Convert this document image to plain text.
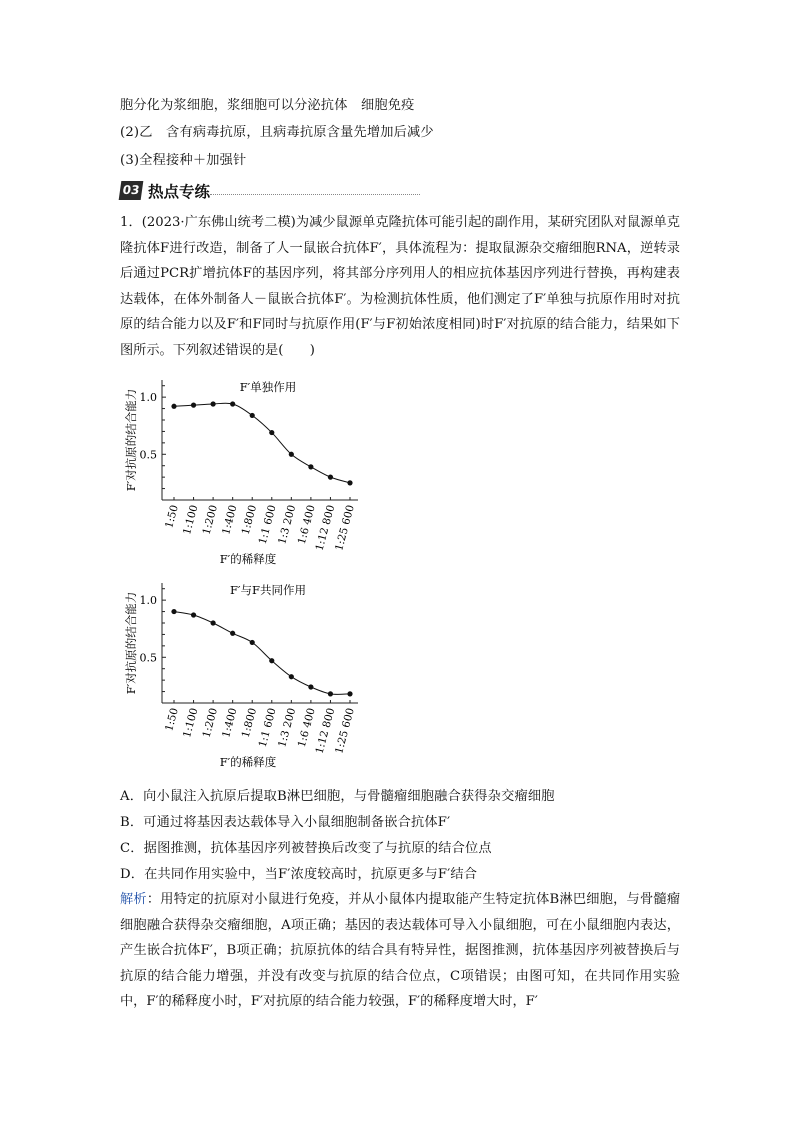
胞分化为浆细胞，浆细胞可以分泌抗体　细胞免疫
(2)乙　含有病毒抗原，且病毒抗原含量先增加后减少
(3)全程接种＋加强针
03 热点专练
1．(2023·广东佛山统考二模)为减少鼠源单克隆抗体可能引起的副作用，某研究团队对鼠源单克隆抗体F进行改造，制备了人一鼠嵌合抗体F′，具体流程为：提取鼠源杂交瘤细胞RNA，逆转录后通过PCR扩增抗体F的基因序列，将其部分序列用人的相应抗体基因序列进行替换，再构建表达载体，在体外制备人－鼠嵌合抗体F′。为检测抗体性质，他们测定了F′单独与抗原作用时对抗原的结合能力以及F′和F同时与抗原作用(F′与F初始浓度相同)时F′对抗原的结合能力，结果如下图所示。下列叙述错误的是(　　)
0.5
1.0
1:50 1:100 1:200 1:400 1:800
1:1 600
1:3 200
1:6 400
1:12 800
1:25 600
F′单独作用
F′对抗原的结合能力
F′的稀释度
0.5
1.0
1:50 1:100 1:200 1:400 1:800
1:1 600
1:3 200
1:6 400
1:12 800
1:25 600
F′与F共同作用
F′对抗原的结合能力
F′的稀释度
A．向小鼠注入抗原后提取B淋巴细胞，与骨髓瘤细胞融合获得杂交瘤细胞
B．可通过将基因表达载体导入小鼠细胞制备嵌合抗体F′
C．据图推测，抗体基因序列被替换后改变了与抗原的结合位点
D．在共同作用实验中，当F′浓度较高时，抗原更多与F′结合
解析：用特定的抗原对小鼠进行免疫，并从小鼠体内提取能产生特定抗体B淋巴细胞，与骨髓瘤细胞融合获得杂交瘤细胞，A项正确；基因的表达载体可导入小鼠细胞，可在小鼠细胞内表达，产生嵌合抗体F′，B项正确；抗原抗体的结合具有特异性，据图推测，抗体基因序列被替换后与抗原的结合能力增强，并没有改变与抗原的结合位点，C项错误；由图可知，在共同作用实验中，F′的稀释度小时，F′对抗原的结合能力较强，F′的稀释度增大时，F′
